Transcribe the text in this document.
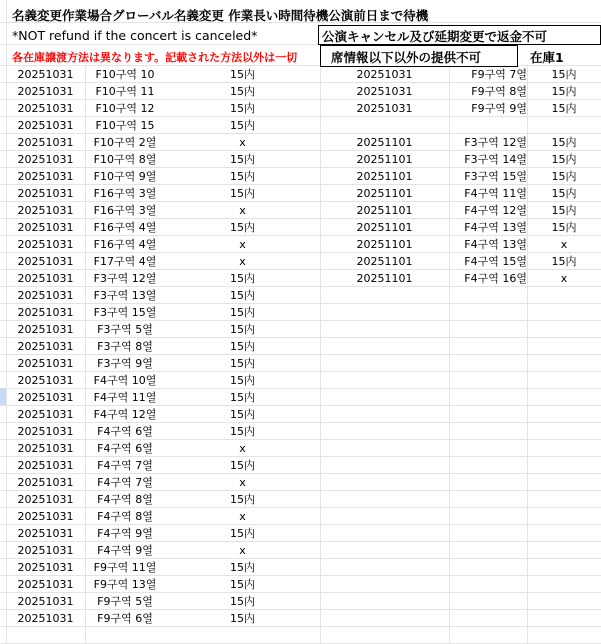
名義変更作業場合グローバル名義変更 作業長い時間待機公演前日まで待機
*NOT refund if the concert is canceled*	公演キャンセル及び延期変更で返金不可
各在庫譲渡方法は異なります。記載された方法以外は一切	席情報以下以外の提供不可	在庫1
20251031	F10구역 10	15内
20251031	F10구역 11	15内
20251031	F10구역 12	15内
20251031	F10구역 15	15内
20251031	F10구역 2열	x
20251031	F10구역 8열	15内
20251031	F10구역 9열	15内
20251031	F16구역 3열	15内
20251031	F16구역 3열	x
20251031	F16구역 4열	15内
20251031	F16구역 4열	x
20251031	F17구역 4열	x
20251031	F3구역 12열	15内
20251031	F3구역 13열	15内
20251031	F3구역 15열	15内
20251031	F3구역 5열	15内
20251031	F3구역 8열	15内
20251031	F3구역 9열	15内
20251031	F4구역 10열	15内
20251031	F4구역 11열	15内
20251031	F4구역 12열	15内
20251031	F4구역 6열	15内
20251031	F4구역 6열	x
20251031	F4구역 7열	15内
20251031	F4구역 7열	x
20251031	F4구역 8열	15内
20251031	F4구역 8열	x
20251031	F4구역 9열	15内
20251031	F4구역 9열	x
20251031	F9구역 11열	15内
20251031	F9구역 13열	15内
20251031	F9구역 5열	15内
20251031	F9구역 6열	15内
20251031	F9구역 7열	15内
20251031	F9구역 8열	15内
20251031	F9구역 9열	15内
20251101	F3구역 12열	15内
20251101	F3구역 14열	15内
20251101	F3구역 15열	15内
20251101	F4구역 11열	15内
20251101	F4구역 12열	15内
20251101	F4구역 13열	15内
20251101	F4구역 13열	x
20251101	F4구역 15열	15内
20251101	F4구역 16열	x
